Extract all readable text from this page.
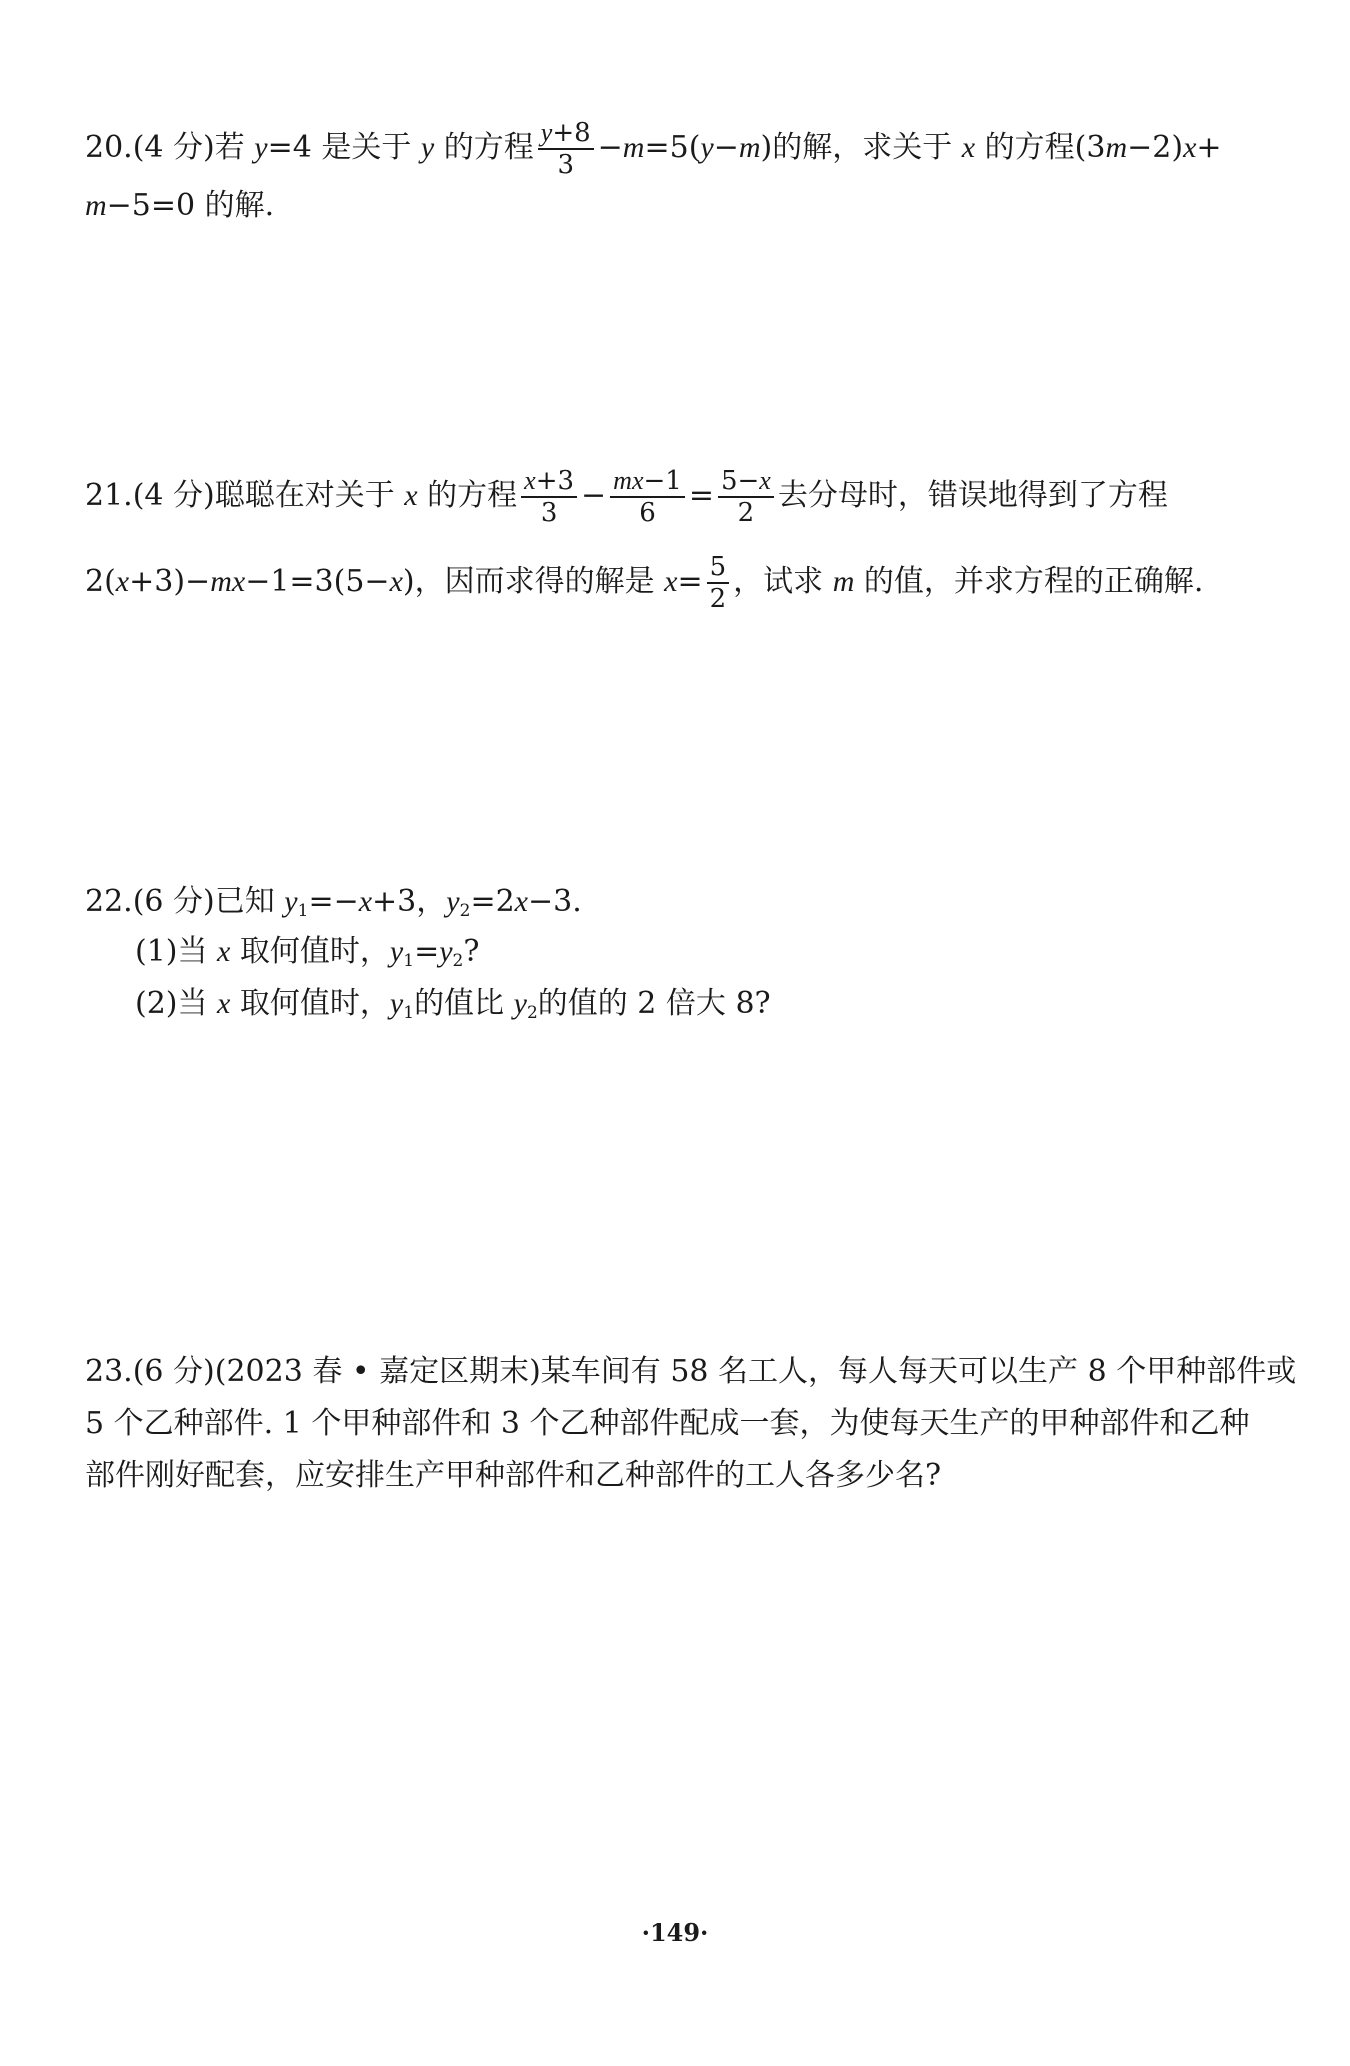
20.(4 分)若 y=4 是关于 y 的方程 $\frac{y+8}{3} -m=5(y-m)$的解，求关于 x 的方程(3m−2)x+
m−5=0 的解.
21.(4 分)聪聪在对关于 x 的方程 $\frac{x+3}{3} - \frac{mx-1}{6} = \frac{5-x}{2}$ 去分母时，错误地得到了方程
2(x+3)−mx−1=3(5−x)，因而求得的解是 $x= \frac{5}{2}$ ，试求 m 的值，并求方程的正确解.
22.(6 分)已知 $y_1=-x+3$，$y_2=2x-3$.
(1)当 x 取何值时，$y_1=y_2$?
(2)当 x 取何值时，$y_1$的值比 $y_2$的值的 2 倍大 8?
23.(6 分)(2023 春 • 嘉定区期末)某车间有 58 名工人，每人每天可以生产 8 个甲种部件或
5 个乙种部件. 1 个甲种部件和 3 个乙种部件配成一套，为使每天生产的甲种部件和乙种
部件刚好配套，应安排生产甲种部件和乙种部件的工人各多少名?
·149·
